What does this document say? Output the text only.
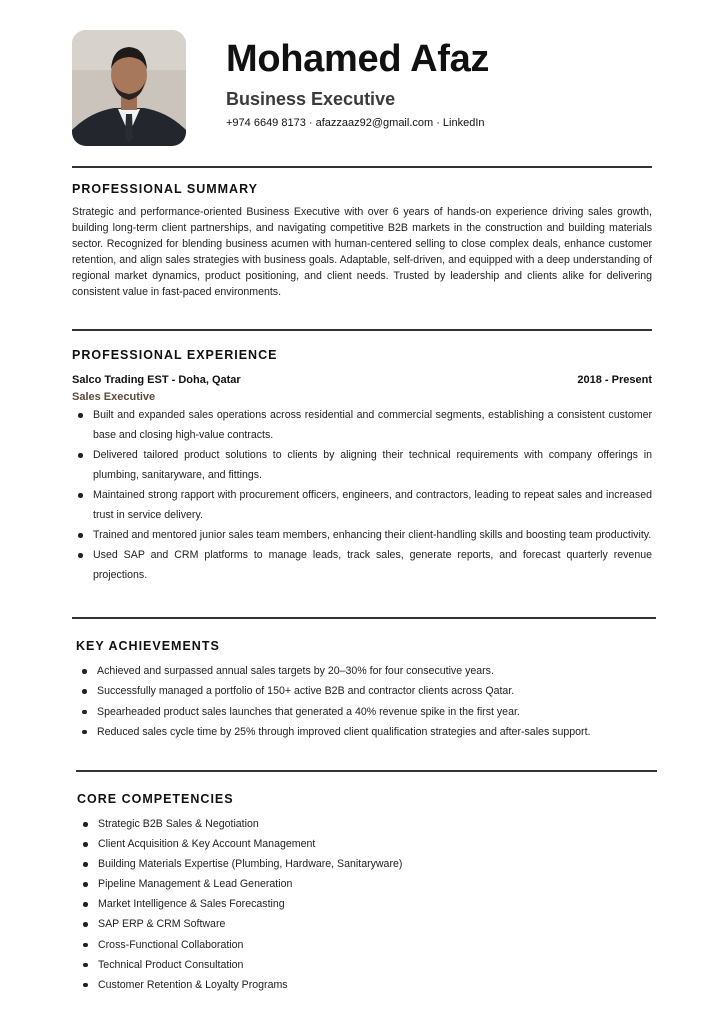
Mohamed Afaz
Business Executive
+974 6649 8173 · afazzaaz92@gmail.com · LinkedIn
PROFESSIONAL SUMMARY
Strategic and performance-oriented Business Executive with over 6 years of hands-on experience driving sales growth, building long-term client partnerships, and navigating competitive B2B markets in the construction and building materials sector. Recognized for blending business acumen with human-centered selling to close complex deals, enhance customer retention, and align sales strategies with business goals. Adaptable, self-driven, and equipped with a deep understanding of regional market dynamics, product positioning, and client needs. Trusted by leadership and clients alike for delivering consistent value in fast-paced environments.
PROFESSIONAL EXPERIENCE
Salco Trading EST - Doha, Qatar	2018 - Present
Sales Executive
Built and expanded sales operations across residential and commercial segments, establishing a consistent customer base and closing high-value contracts.
Delivered tailored product solutions to clients by aligning their technical requirements with company offerings in plumbing, sanitaryware, and fittings.
Maintained strong rapport with procurement officers, engineers, and contractors, leading to repeat sales and increased trust in service delivery.
Trained and mentored junior sales team members, enhancing their client-handling skills and boosting team productivity.
Used SAP and CRM platforms to manage leads, track sales, generate reports, and forecast quarterly revenue projections.
KEY ACHIEVEMENTS
Achieved and surpassed annual sales targets by 20–30% for four consecutive years.
Successfully managed a portfolio of 150+ active B2B and contractor clients across Qatar.
Spearheaded product sales launches that generated a 40% revenue spike in the first year.
Reduced sales cycle time by 25% through improved client qualification strategies and after-sales support.
CORE COMPETENCIES
Strategic B2B Sales & Negotiation
Client Acquisition & Key Account Management
Building Materials Expertise (Plumbing, Hardware, Sanitaryware)
Pipeline Management & Lead Generation
Market Intelligence & Sales Forecasting
SAP ERP & CRM Software
Cross-Functional Collaboration
Technical Product Consultation
Customer Retention & Loyalty Programs
